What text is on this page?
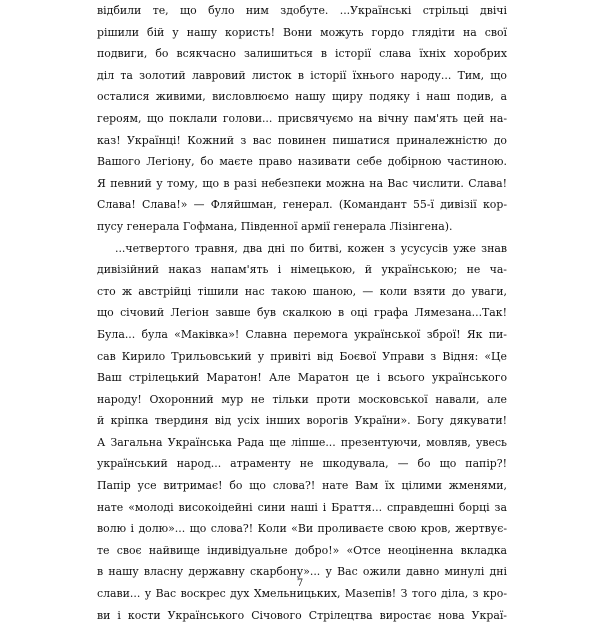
відбили те, що було ним здобуте. ...Українські стрільці двічі
рішили бій у нашу користь! Вони можуть гордо глядіти на свої
подвиги, бо всякчасно залишиться в історії слава їхніх хоробрих
діл та золотий лавровий листок в історії їхнього народу... Тим, що
осталися живими, висловлюємо нашу щиру подяку і наш подив, а
героям, що поклали голови... присвячуємо на вічну пам'ять цей на-
каз! Українці! Кожний з вас повинен пишатися приналежністю до
Вашого Легіону, бо маєте право називати себе добірною частиною.
Я певний у тому, що в разі небезпеки можна на Вас числити. Слава!
Слава! Слава!» — Фляйшман, генерал. (Командант 55-ї дивізії кор-
пусу генерала Гофмана, Південної армії генерала Лізінгена).
...четвертого травня, два дні по битві, кожен з усусусів уже знав
дивізійний наказ напам'ять і німецькою, й українською; не ча-
сто ж австрійці тішили нас такою шаною, — коли взяти до уваги,
що січовий Легіон завше був скалкою в оці графа Лямезана...Так!
Була... була «Маківка»! Славна перемога української зброї! Як пи-
сав Кирило Трильовський у привіті від Боєвої Управи з Відня: «Це
Ваш стрілецький Маратон! Але Маратон це і всього українського
народу! Охоронний мур не тільки проти московської навали, але
й кріпка твердиня від усіх інших ворогів України». Богу дякувати!
А Загальна Українська Рада ще ліпше... презентуючи, мовляв, увесь
український народ... атраменту не шкодувала, — бо що папір?!
Папір усе витримає! бо що слова?! нате Вам їх цілими жменями,
нате «молоді високоідейні сини наші і Браття... справдешні борці за
волю і долю»... що слова?! Коли «Ви проливаєте свою кров, жертвує-
те своє найвище індивідуальне добро!» «Отсе неоціненна вкладка
в нашу власну державну скарбону»... у Вас ожили давно минулі дні
слави... у Вас воскрес дух Хмельницьких, Мазепів! З того діла, з кро-
ви і кости Українського Січового Стрілецтва виростає нова Украї-
7
